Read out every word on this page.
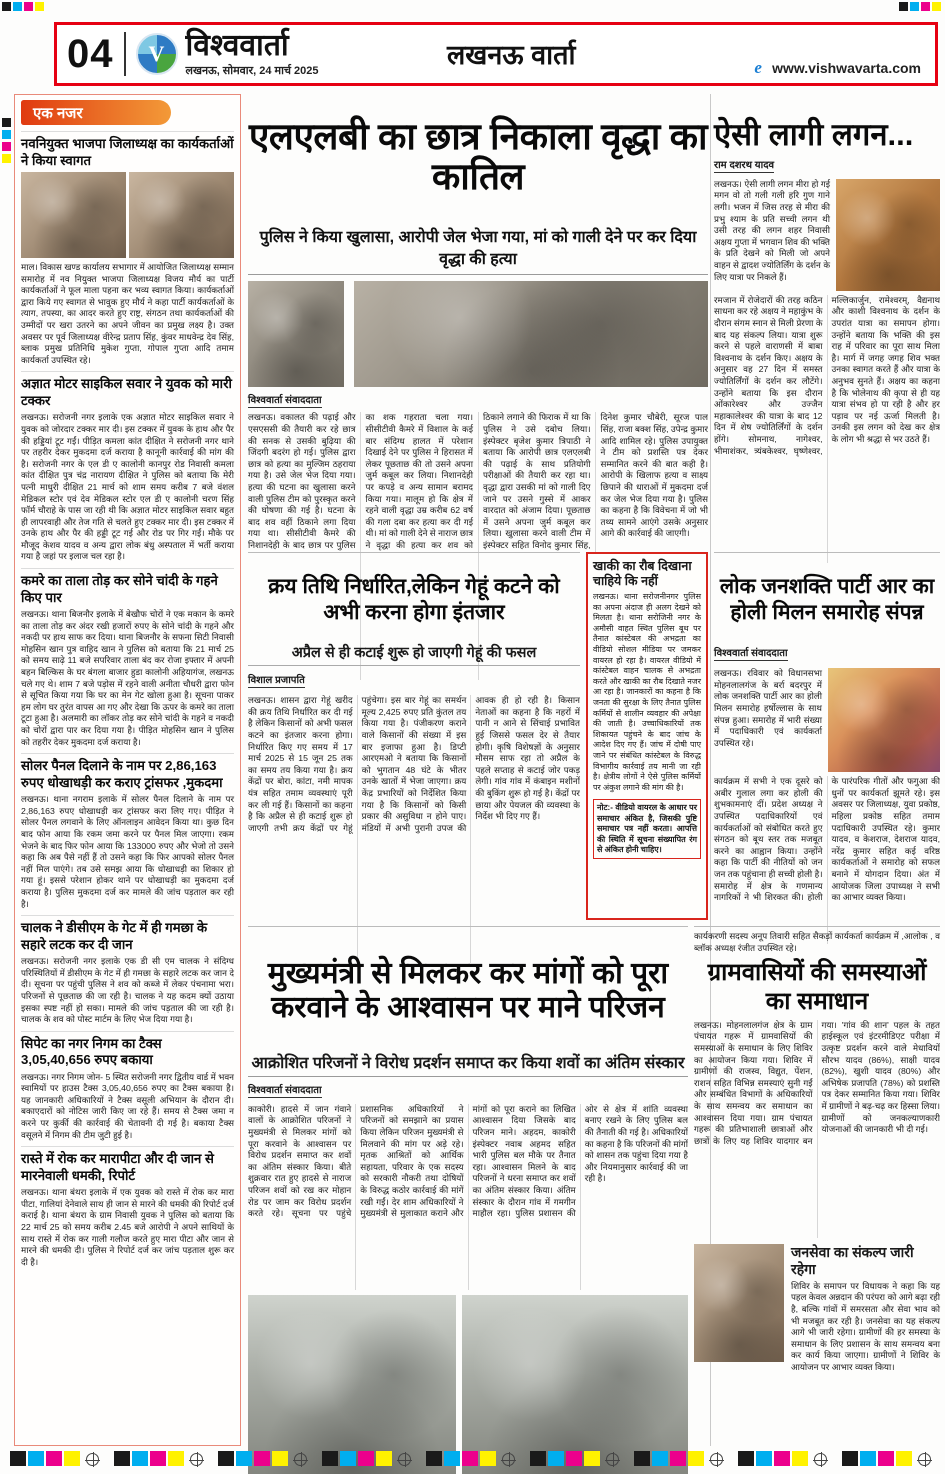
04 V विश्ववार्ता
लखनऊ, सोमवार, 24 मार्च 2025
लखनऊ वार्ता	e www.vishwavarta.com
एक नजर
नवनियुक्त भाजपा जिलाध्यक्ष का कार्यकर्ताओं ने किया स्वागत
माल। विकास खण्ड कार्यालय सभागार में आयोजित जिलाध्यक्ष सम्मान समारोह में नव नियुक्त भाजपा जिलाध्यक्ष विजय मौर्य का पार्टी कार्यकर्ताओं ने फूल माला पहना कर भव्य स्वागत किया। कार्यकर्ताओं द्वारा किये गए स्वागत से भावुक हुए मौर्य ने कहा पार्टी कार्यकर्ताओं के त्याग, तपस्या, का आदर करते हुए राष्ट्र, संगठन तथा कार्यकर्ताओं की उम्मीदों पर खरा उतरने का अपने जीवन का प्रमुख लक्ष्य है। उक्त अवसर पर पूर्व जिलाध्यक्ष वीरेन्द्र प्रताप सिंह, कुंवर माधवेन्द्र देव सिंह, ब्लाक प्रमुख प्रतिनिधि मुकेश गुप्ता, गोपाल गुप्ता आदि तमाम कार्यकर्ता उपस्थित रहे।
अज्ञात मोटर साइकिल सवार ने युवक को मारी टक्कर
लखनऊ। सरोजनी नगर इलाके एक अज्ञात मोटर साइकिल सवार ने युवक को जोरदार टक्कर मार दी। इस टक्कर में युवक के हाथ और पैर की हड्डियां टूट गईं। पीड़ित कमला कांत दीक्षित ने सरोजनी नगर थाने पर तहरीर देकर मुकदमा दर्ज कराया है कानूनी कार्रवाई की मांग की है। सरोजनी नगर के एल डी ए कालोनी कानपुर रोड निवासी कमला कांत दीक्षित पुत्र चंद्र नारायण दीक्षित ने पुलिस को बताया कि मेरी पत्नी माधुरी दीक्षित 21 मार्च को शाम समय करीब 7 बजे वंशल मेडिकल स्टोर एवं देव मेडिकल स्टोर एल डी ए कालोनी चरण सिंह फॉर्म चौराहे के पास जा रही थी कि अज्ञात मोटर साइकिल सवार बहुत ही लापरवाही और तेज गति से चलते हुए टक्कर मार दी। इस टक्कर में उनके हाथ और पैर की हड्डी टूट गई और रोड पर गिर गईं। मौके पर मौजूद केशव यादव व अन्य द्वारा लोक बंधु अस्पताल में भर्ती कराया गया है जहां पर इलाज चल रहा है।
कमरे का ताला तोड़ कर सोने चांदी के गहने किए पार
लखनऊ। थाना बिजनौर इलाके में बेखौफ चोरों ने एक मकान के कमरे का ताला तोड़ कर अंदर रखी हजारों रुपए के सोने चांदी के गहने और नकदी पर हाथ साफ कर दिया। थाना बिजनौर के सफना सिटी निवासी मोहसिन खान पुत्र वाहिद खान ने पुलिस को बताया कि 21 मार्च 25 को समय साढ़े 11 बजे सपरिवार ताला बंद कर रोजा इफ्तार में अपनी बहन बिल्किस के घर बंगला बाजार हुडा कालोनी अहियागंज, लखनऊ चले गए थे। शाम 7 बजे पड़ोस में रहने वाली अनीता चौधरी द्वारा फोन से सूचित किया गया कि घर का मेन गेट खोला हुआ है। सूचना पाकर हम लोग घर तुरंत वापस आ गए और देखा कि ऊपर के कमरे का ताला टूटा हुआ है। अलमारी का लॉकर तोड़ कर सोने चांदी के गहने व नकदी को चोरों द्वारा पार कर दिया गया है। पीड़ित मोहसिन खान ने पुलिस को तहरीर देकर मुकदमा दर्ज कराया है।
सोलर पैनल दिलाने के नाम पर 2,86,163 रुपए धोखाधड़ी कर कराए ट्रांसफर ,मुकदमा
लखनऊ। थाना नगराम इलाके में सोलर पैनल दिलाने के नाम पर 2,86,163 रुपए धोखाधड़ी कर ट्रांसफर करा लिए गए। पीड़ित ने सोलर पैनल लगवाने के लिए ऑनलाइन आवेदन किया था। कुछ दिन बाद फोन आया कि रकम जमा करने पर पैनल मिल जाएगा। रकम भेजने के बाद फिर फोन आया कि 133000 रुपए और भेजो तो उसने कहा कि अब पैसे नहीं हैं तो उसने कहा कि फिर आपको सोलर पैनल नहीं मिल पाएंगे। तब उसे समझ आया कि धोखाधड़ी का शिकार हो गया हूं। इससे परेशान होकर थाने पर धोखाधड़ी का मुकदमा दर्ज कराया है। पुलिस मुकदमा दर्ज कर मामले की जांच पड़ताल कर रही है।
चालक ने डीसीएम के गेट में ही गमछा के सहारे लटक कर दी जान
लखनऊ। सरोजनी नगर इलाके एक डी सी एम चालक ने संदिग्ध परिस्थितियों में डीसीएम के गेट में ही गमछा के सहारे लटक कर जान दे दी। सूचना पर पहुंची पुलिस ने शव को कब्जे में लेकर पंचनामा भरा। परिजनों से पूछताछ की जा रही है। चालक ने यह कदम क्यों उठाया इसका स्पष्ट नहीं हो सका। मामले की जांच पड़ताल की जा रही है। चालक के शव को पोस्ट मार्टम के लिए भेज दिया गया है।
सिपेट का नगर निगम का टैक्स 3,05,40,656 रुपए बकाया
लखनऊ। नगर निगम जोन- 5 स्थित सरोजनी नगर द्वितीय वार्ड में भवन स्वामियों पर हाउस टैक्स 3,05,40,656 रुपए का टैक्स बकाया है। यह जानकारी अधिकारियों ने टैक्स वसूली अभियान के दौरान दी। बकाएदारों को नोटिस जारी किए जा रहे हैं। समय से टैक्स जमा न करने पर कुर्की की कार्रवाई की चेतावनी दी गई है। बकाया टैक्स वसूलने में निगम की टीम जुटी हुई है।
रास्ते में रोक कर मारापीटा और दी जान से मारनेवाली धमकी, रिपोर्ट
लखनऊ। थाना बंथरा इलाके में एक युवक को रास्ते में रोक कर मारा पीटा, गालियां देनेवाले साथ ही जान से मारने की धमकी की रिपोर्ट दर्ज कराई है। थाना बंथरा के ग्राम निवासी युवक ने पुलिस को बताया कि 22 मार्च 25 को समय करीब 2.45 बजे आरोपी ने अपने साथियों के साथ रास्ते में रोक कर गाली गलौज करते हुए मारा पीटा और जान से मारने की धमकी दी। पुलिस ने रिपोर्ट दर्ज कर जांच पड़ताल शुरू कर दी है।
एलएलबी का छात्र निकाला वृद्धा का कातिल
पुलिस ने किया खुलासा, आरोपी जेल भेजा गया, मां को गाली देने पर कर दिया वृद्धा की हत्या
विश्ववार्ता संवाददाता
लखनऊ। वकालत की पढ़ाई और एसएससी की तैयारी कर रहे छात्र की सनक से उसकी बुढ़िया की जिंदगी बदरंग हो गई। पुलिस द्वारा छात्र को हत्या का मुल्जिम ठहराया गया है। उसे जेल भेज दिया गया। हत्या की घटना का खुलासा करने वाली पुलिस टीम को पुरस्कृत करने की घोषणा की गई है। घटना के बाद शव वहीं ठिकाने लगा दिया गया था। सीसीटीवी कैमरे की निशानदेही के बाद छात्र पर पुलिस का शक गहराता चला गया। सीसीटीवी कैमरे में विशाल के कई बार संदिग्ध हालत में परेशान दिखाई देने पर पुलिस ने हिरासत में लेकर पूछताछ की तो उसने अपना जुर्म कबूल कर लिया। निशानदेही पर कपड़े व अन्य सामान बरामद किया गया। मालूम हो कि क्षेत्र में रहने वाली वृद्धा उम्र करीब 62 वर्ष की गला दबा कर हत्या कर दी गई थी। मां को गाली देने से नाराज छात्र ने वृद्धा की हत्या कर शव को ठिकाने लगाने की फिराक में था कि पुलिस ने उसे दबोच लिया। इंस्पेक्टर बृजेश कुमार त्रिपाठी ने बताया कि आरोपी छात्र एलएलबी की पढ़ाई के साथ प्रतियोगी परीक्षाओं की तैयारी कर रहा था। वृद्धा द्वारा उसकी मां को गाली दिए जाने पर उसने गुस्से में आकर वारदात को अंजाम दिया। पूछताछ में उसने अपना जुर्म कबूल कर लिया। खुलासा करने वाली टीम में इंस्पेक्टर सहित विनोद कुमार सिंह, दिनेश कुमार चौबेरी, सूरज पाल सिंह, राजा बक्श सिंह, उपेन्द्र कुमार आदि शामिल रहे। पुलिस उपायुक्त ने टीम को प्रशस्ति पत्र देकर सम्मानित करने की बात कही है। आरोपी के खिलाफ हत्या व साक्ष्य छिपाने की धाराओं में मुकदमा दर्ज कर जेल भेज दिया गया है। पुलिस का कहना है कि विवेचना में जो भी तथ्य सामने आएंगे उसके अनुसार आगे की कार्रवाई की जाएगी।
ऐसी लागी लगन...
राम दशरथ यादव
लखनऊ। ऐसी लागी लगन मीरा हो गई मगन वो तो गली गली हरि गुण गाने लगी। भजन में जिस तरह से मीरा की प्रभु श्याम के प्रति सच्ची लगन थी उसी तरह की लगन शहर निवासी अक्षय गुप्ता में भगवान शिव की भक्ति के प्रति देखने को मिली जो अपने वाहन से द्वादश ज्योतिर्लिंग के दर्शन के लिए यात्रा पर निकले हैं।
रमजान में रोजेदारों की तरह कठिन साधना कर रहे अक्षय ने महाकुंभ के दौरान संगम स्नान से मिली प्रेरणा के बाद यह संकल्प लिया। यात्रा शुरू करने से पहले वाराणसी में बाबा विश्वनाथ के दर्शन किए। अक्षय के अनुसार वह 27 दिन में समस्त ज्योतिर्लिंगों के दर्शन कर लौटेंगे। उन्होंने बताया कि इस दौरान ओंकारेश्वर और उज्जैन महाकालेश्वर की यात्रा के बाद 12 दिन में शेष ज्योतिर्लिंगों के दर्शन होंगे। सोमनाथ, नागेश्वर, भीमाशंकर, त्र्यंबकेश्वर, घृष्णेश्वर, मल्लिकार्जुन, रामेश्वरम्, वैद्यनाथ और काशी विश्वनाथ के दर्शन के उपरांत यात्रा का समापन होगा। उन्होंने बताया कि भक्ति की इस राह में परिवार का पूरा साथ मिला है। मार्ग में जगह जगह शिव भक्त उनका स्वागत करते हैं और यात्रा के अनुभव सुनते हैं। अक्षय का कहना है कि भोलेनाथ की कृपा से ही यह यात्रा संभव हो पा रही है और हर पड़ाव पर नई ऊर्जा मिलती है। उनकी इस लगन को देख कर क्षेत्र के लोग भी श्रद्धा से भर उठते हैं।
क्रय तिथि निर्धारित,लेकिन गेहूं कटने को अभी करना होगा इंतजार
अप्रैल से ही कटाई शुरू हो जाएगी गेहूं की फसल
विशाल प्रजापति
लखनऊ। शासन द्वारा गेहूं खरीद की क्रय तिथि निर्धारित कर दी गई है लेकिन किसानों को अभी फसल कटने का इंतजार करना होगा। निर्धारित किए गए समय में 17 मार्च 2025 से 15 जून 25 तक का समय तय किया गया है। क्रय केंद्रों पर बोरा, कांटा, नमी मापक यंत्र सहित तमाम व्यवस्थाएं पूरी कर ली गई हैं। किसानों का कहना है कि अप्रैल से ही कटाई शुरू हो जाएगी तभी क्रय केंद्रों पर गेहूं पहुंचेगा। इस बार गेहूं का समर्थन मूल्य 2,425 रुपए प्रति कुंतल तय किया गया है। पंजीकरण कराने वाले किसानों की संख्या में इस बार इजाफा हुआ है। डिप्टी आरएमओ ने बताया कि किसानों को भुगतान 48 घंटे के भीतर उनके खातों में भेजा जाएगा। क्रय केंद्र प्रभारियों को निर्देशित किया गया है कि किसानों को किसी प्रकार की असुविधा न होने पाए। मंडियों में अभी पुरानी उपज की आवक ही हो रही है। किसान नेताओं का कहना है कि नहरों में पानी न आने से सिंचाई प्रभावित हुई जिससे फसल देर से तैयार होगी। कृषि विशेषज्ञों के अनुसार मौसम साफ रहा तो अप्रैल के पहले सप्ताह से कटाई जोर पकड़ लेगी। गांव गांव में कंबाइन मशीनों की बुकिंग शुरू हो गई है। केंद्रों पर छाया और पेयजल की व्यवस्था के निर्देश भी दिए गए हैं।
खाकी का रौब दिखाना चाहिये कि नहीं
लखनऊ। थाना सरोजनीनगर पुलिस का अपना अंदाज ही अलग देखने को मिलता है। थाना सरोजिनी नगर के अमौसी वाहत स्थित पुलिस बूथ पर तैनात कांस्टेबल की अभद्रता का वीडियो सोशल मीडिया पर जमकर वायरल हो रहा है। वायरल वीडियो में कांस्टेबल वाहन चालक से अभद्रता करते और खाकी का रौब दिखाते नजर आ रहा है। जानकारों का कहना है कि जनता की सुरक्षा के लिए तैनात पुलिस कर्मियों से शालीन व्यवहार की अपेक्षा की जाती है। उच्चाधिकारियों तक शिकायत पहुंचने के बाद जांच के आदेश दिए गए हैं। जांच में दोषी पाए जाने पर संबंधित कांस्टेबल के विरुद्ध विभागीय कार्रवाई तय मानी जा रही है। क्षेत्रीय लोगों ने ऐसे पुलिस कर्मियों पर अंकुश लगाने की मांग की है।
नोट:- वीडियो वायरल के आधार पर समाचार अंकित है, जिसकी पुष्टि समाचार पत्र नहीं करता। आपत्ति की स्थिति में सूचना संख्यापित रंग से अंकित होनी चाहिए।
लोक जनशक्ति पार्टी आर का होली मिलन समारोह संपन्न
विश्ववार्ता संवाददाता
लखनऊ। रविवार को विधानसभा मोहनलालगंज के बर्रा बदरपुर में लोक जनशक्ति पार्टी आर का होली मिलन समारोह हर्षोल्लास के साथ संपन्न हुआ। समारोह में भारी संख्या में पदाधिकारी एवं कार्यकर्ता उपस्थित रहे।
कार्यक्रम में सभी ने एक दूसरे को अबीर गुलाल लगा कर होली की शुभकामनाएं दीं। प्रदेश अध्यक्ष ने उपस्थित पदाधिकारियों एवं कार्यकर्ताओं को संबोधित करते हुए संगठन को बूथ स्तर तक मजबूत करने का आह्वान किया। उन्होंने कहा कि पार्टी की नीतियों को जन जन तक पहुंचाना ही सच्ची होली है। समारोह में क्षेत्र के गणमान्य नागरिकों ने भी शिरकत की। होली के पारंपरिक गीतों और फगुआ की धुनों पर कार्यकर्ता झूमते रहे। इस अवसर पर जिलाध्यक्ष, युवा प्रकोष्ठ, महिला प्रकोष्ठ सहित तमाम पदाधिकारी उपस्थित रहे। कुमार यादव, व केशराज, देशराज यादव, नरेंद्र कुमार सहित कई वरिष्ठ कार्यकर्ताओं ने समारोह को सफल बनाने में योगदान दिया। अंत में आयोजक जिला उपाध्यक्ष ने सभी का आभार व्यक्त किया।
मुख्यमंत्री से मिलकर कर मांगों को पूरा करवाने के आश्वासन पर माने परिजन
आक्रोशित परिजनों ने विरोध प्रदर्शन समाप्त कर किया शवों का अंतिम संस्कार
विश्ववार्ता संवाददाता
काकोरी। हादसे में जान गंवाने वालों के आक्रोशित परिजनों ने मुख्यमंत्री से मिलकर मांगों को पूरा करवाने के आश्वासन पर विरोध प्रदर्शन समाप्त कर शवों का अंतिम संस्कार किया। बीते शुक्रवार रात हुए हादसे से नाराज परिजन शवों को रख कर मोहान रोड पर जाम कर विरोध प्रदर्शन करते रहे। सूचना पर पहुंचे प्रशासनिक अधिकारियों ने परिजनों को समझाने का प्रयास किया लेकिन परिजन मुख्यमंत्री से मिलवाने की मांग पर अड़े रहे। मृतक आश्रितों को आर्थिक सहायता, परिवार के एक सदस्य को सरकारी नौकरी तथा दोषियों के विरुद्ध कठोर कार्रवाई की मांगें रखी गईं। देर शाम अधिकारियों ने मुख्यमंत्री से मुलाकात कराने और मांगों को पूरा कराने का लिखित आश्वासन दिया जिसके बाद परिजन माने। अहदम, काकोरी इंस्पेक्टर नवाब अहमद सहित भारी पुलिस बल मौके पर तैनात रहा। आश्वासन मिलने के बाद परिजनों ने धरना समाप्त कर शवों का अंतिम संस्कार किया। अंतिम संस्कार के दौरान गांव में गमगीन माहौल रहा। पुलिस प्रशासन की ओर से क्षेत्र में शांति व्यवस्था बनाए रखने के लिए पुलिस बल की तैनाती की गई है। अधिकारियों का कहना है कि परिजनों की मांगों को शासन तक पहुंचा दिया गया है और नियमानुसार कार्रवाई की जा रही है।
कार्यकरणी सदस्य अनूप तिवारी सहित सैकड़ों कार्यकर्ता कार्यक्रम में ,आलोक , व ब्लॉक अध्यक्ष रंजीत उपस्थित रहे।
ग्रामवासियों की समस्याओं का समाधान
लखनऊ। मोहनलालगंज क्षेत्र के ग्राम पंचायत गहरू में ग्रामवासियों की समस्याओं के समाधान के लिए शिविर का आयोजन किया गया। शिविर में ग्रामीणों की राजस्व, विद्युत, पेंशन, राशन सहित विभिन्न समस्याएं सुनी गईं और सम्बंधित विभागों के अधिकारियों के साथ समन्वय कर समाधान का आश्वासन दिया गया। ग्राम पंचायत गहरू की प्रतिभाशाली छात्राओं और छात्रों के लिए यह शिविर यादगार बन गया। 'गांव की शान' पहल के तहत हाईस्कूल एवं इंटरमीडिएट परीक्षा में उत्कृष्ट प्रदर्शन करने वाले मेधावियों सौरभ यादव (86%), साक्षी यादव (82%), खुशी यादव (80%) और अभिषेक प्रजापति (78%) को प्रशस्ति पत्र देकर सम्मानित किया गया। शिविर में ग्रामीणों ने बढ़-चढ़ कर हिस्सा लिया। ग्रामीणों को जनकल्याणकारी योजनाओं की जानकारी भी दी गई।
जनसेवा का संकल्प जारी रहेगा
शिविर के समापन पर विधायक ने कहा कि यह पहल केवल अन्नदान की परंपरा को आगे बढ़ा रही है, बल्कि गांवों में समरसता और सेवा भाव को भी मजबूत कर रही है। जनसेवा का यह संकल्प आगे भी जारी रहेगा। ग्रामीणों की हर समस्या के समाधान के लिए प्रशासन के साथ समन्वय बना कर कार्य किया जाएगा। ग्रामीणों ने शिविर के आयोजन पर आभार व्यक्त किया।
